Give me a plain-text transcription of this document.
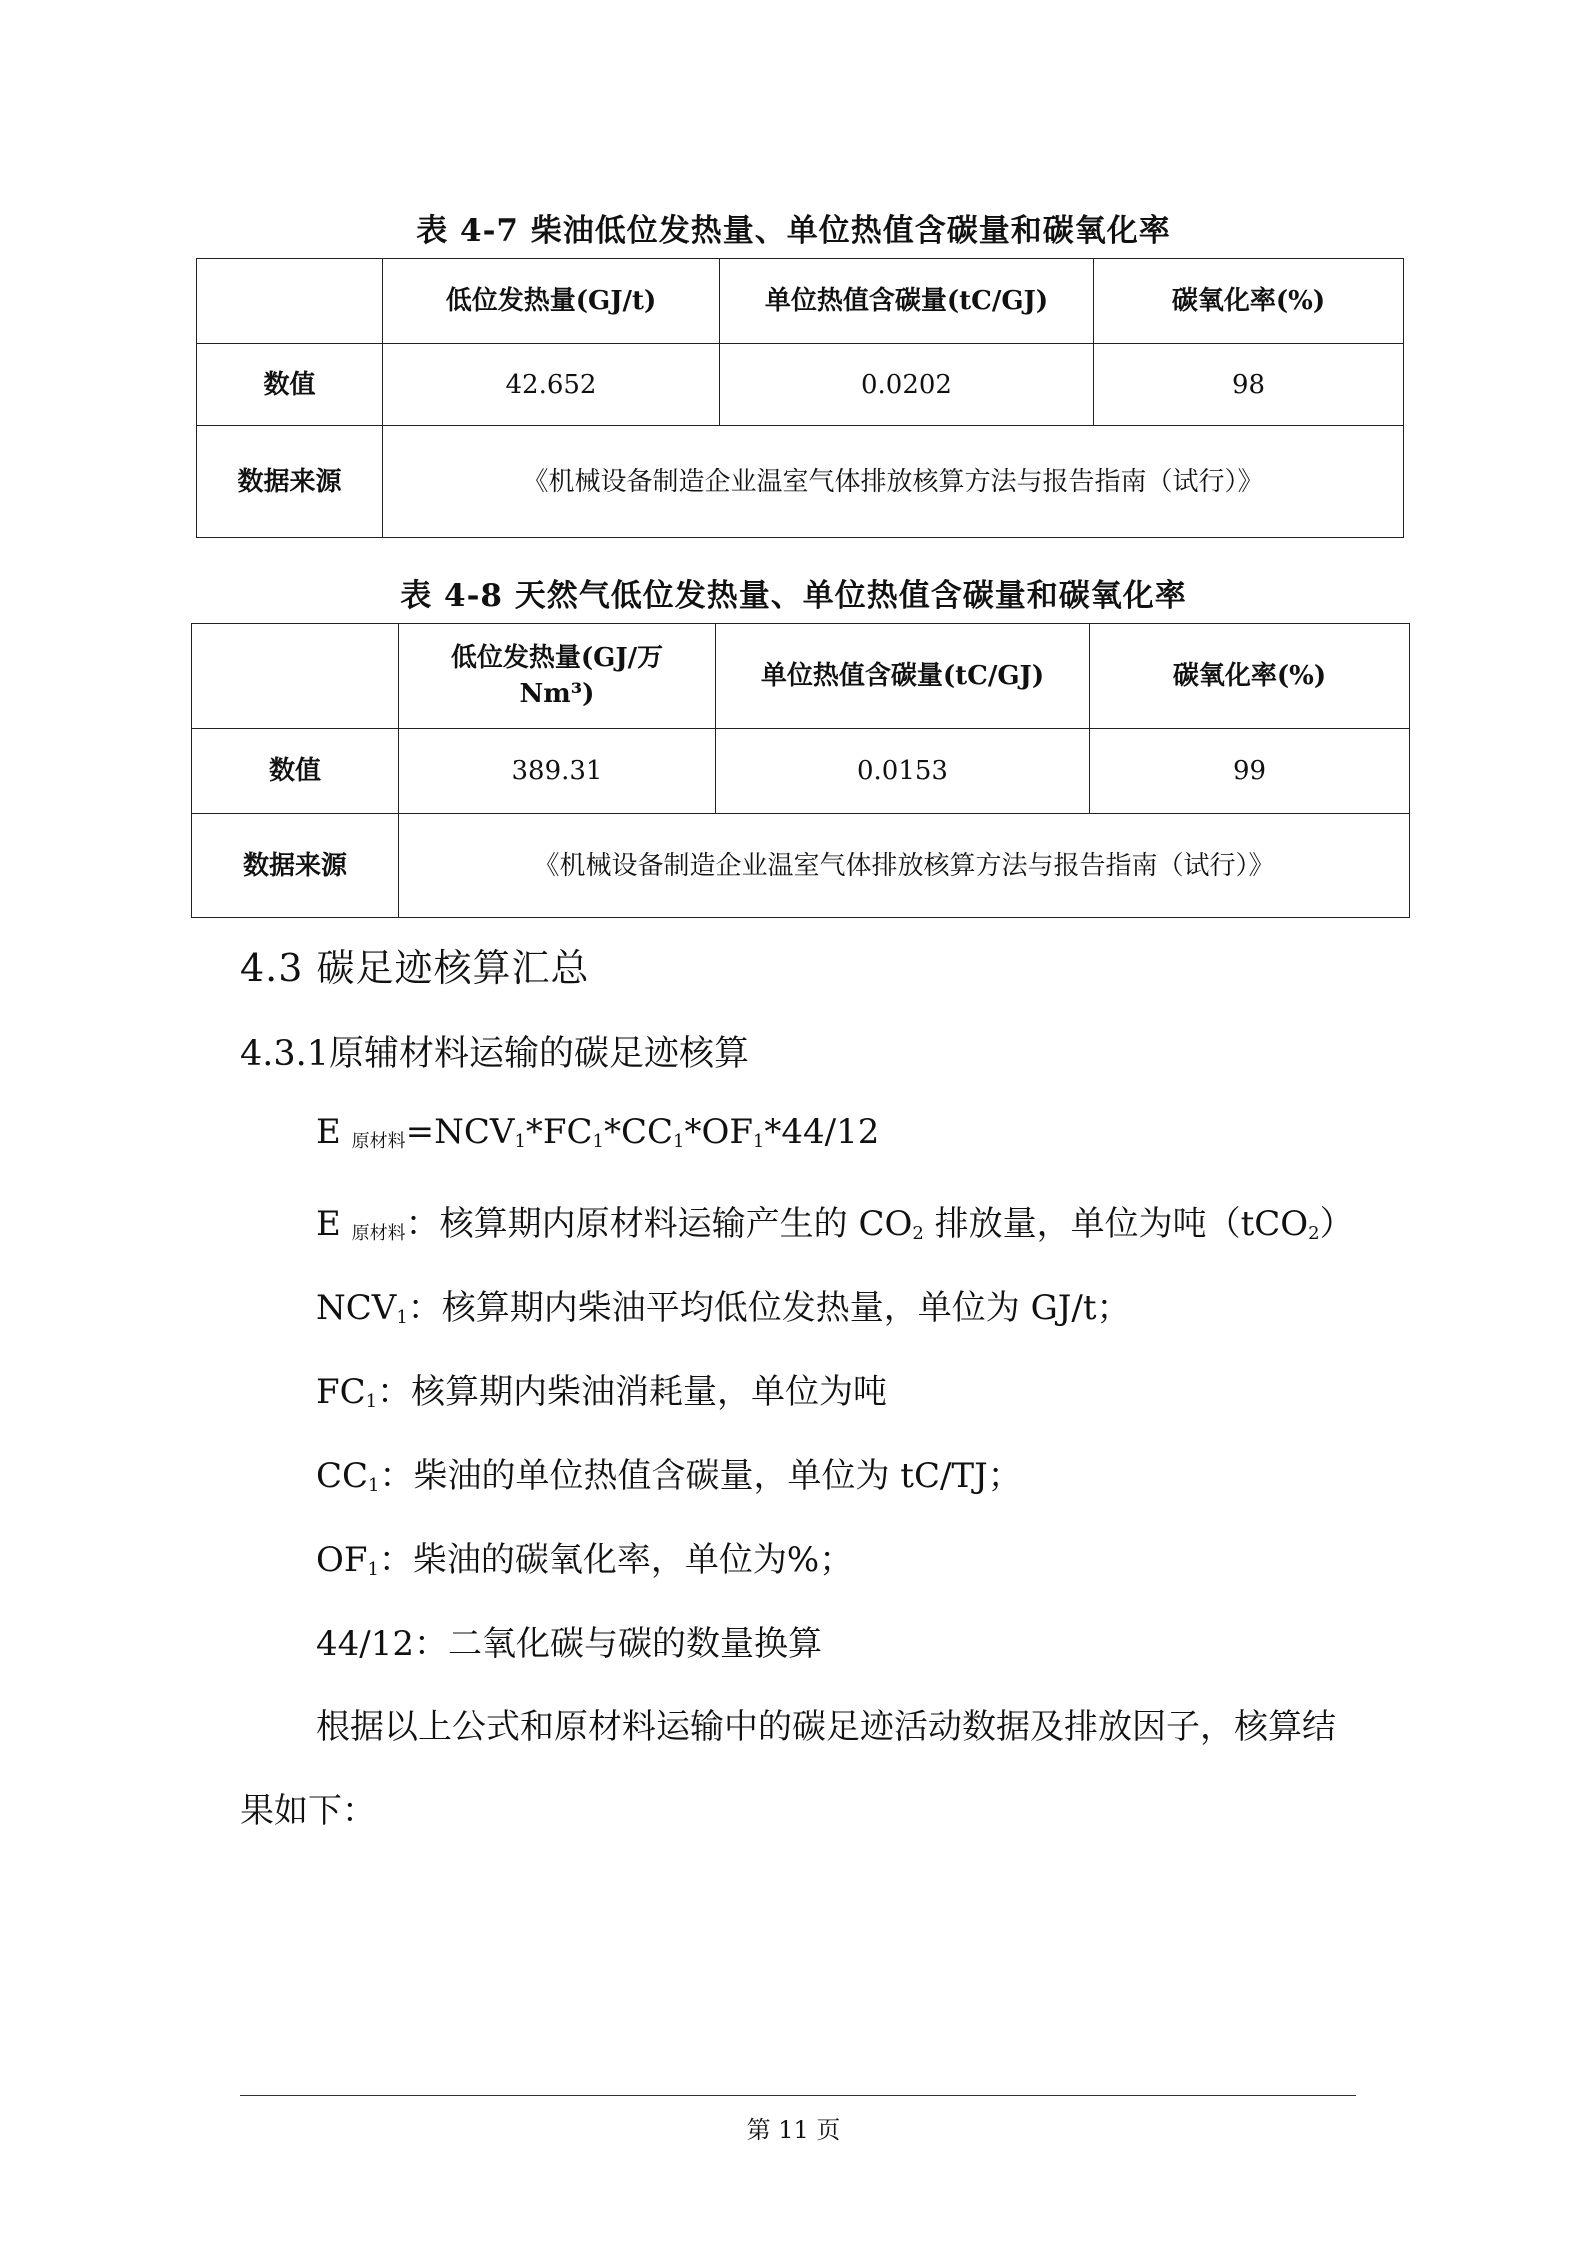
表 4-7 柴油低位发热量、单位热值含碳量和碳氧化率
	低位发热量(GJ/t)	单位热值含碳量(tC/GJ)	碳氧化率(%)
数值	42.652	0.0202	98
数据来源	《机械设备制造企业温室气体排放核算方法与报告指南（试行）》		
表 4-8 天然气低位发热量、单位热值含碳量和碳氧化率
	低位发热量(GJ/万 Nm³)	单位热值含碳量(tC/GJ)	碳氧化率(%)
数值	389.31	0.0153	99
数据来源	《机械设备制造企业温室气体排放核算方法与报告指南（试行）》		
4.3 碳足迹核算汇总
4.3.1原辅材料运输的碳足迹核算
E 原材料$=NCV_1*FC_1*CC_1*OF_1*44/12$
E 原材料：核算期内原材料运输产生的 $CO_2$ 排放量，单位为吨（tCO$_2$）
$NCV_1$：核算期内柴油平均低位发热量，单位为 GJ/t；
$FC_1$：核算期内柴油消耗量，单位为吨
$CC_1$：柴油的单位热值含碳量，单位为 tC/TJ；
$OF_1$：柴油的碳氧化率，单位为%；
44/12：二氧化碳与碳的数量换算
根据以上公式和原材料运输中的碳足迹活动数据及排放因子，核算结果如下：
第 11 页
